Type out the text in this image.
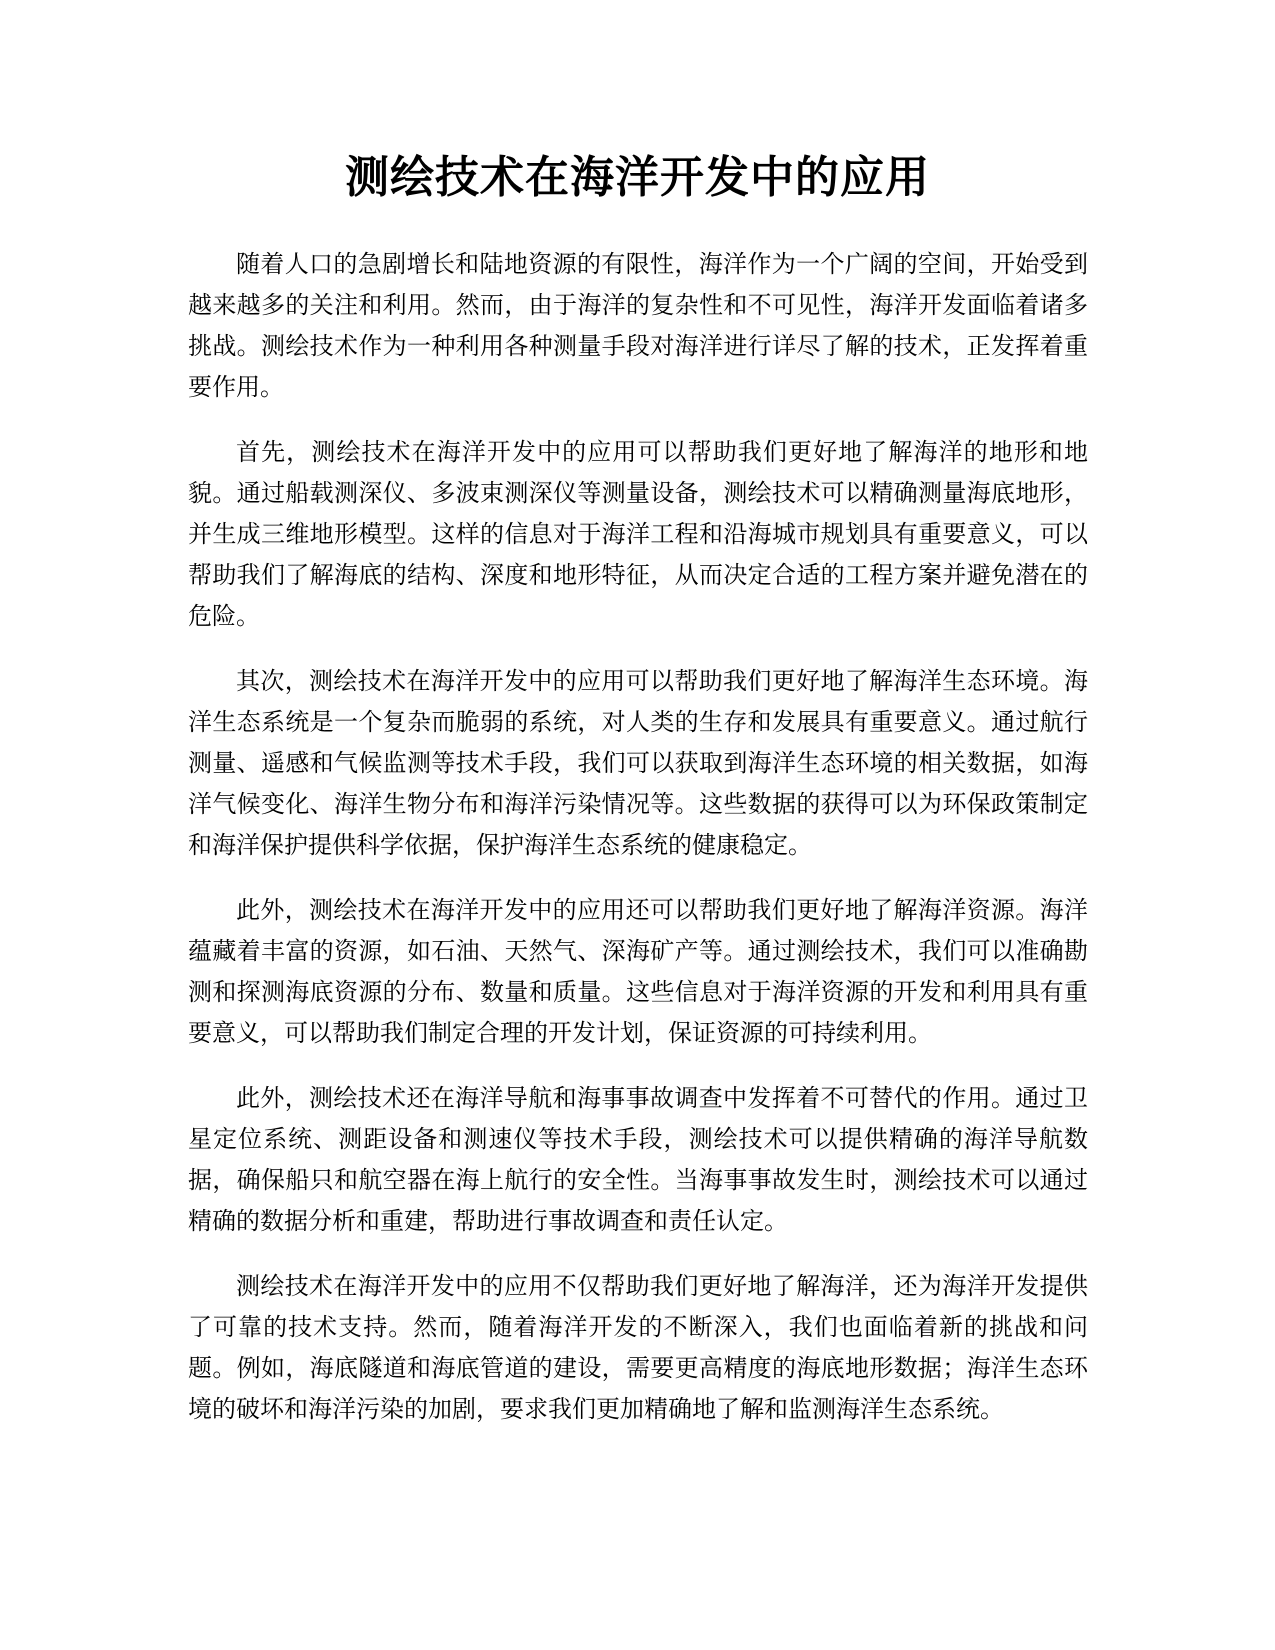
测绘技术在海洋开发中的应用

随着人口的急剧增长和陆地资源的有限性，海洋作为一个广阔的空间，开始受到越来越多的关注和利用。然而，由于海洋的复杂性和不可见性，海洋开发面临着诸多挑战。测绘技术作为一种利用各种测量手段对海洋进行详尽了解的技术，正发挥着重要作用。

首先，测绘技术在海洋开发中的应用可以帮助我们更好地了解海洋的地形和地貌。通过船载测深仪、多波束测深仪等测量设备，测绘技术可以精确测量海底地形，并生成三维地形模型。这样的信息对于海洋工程和沿海城市规划具有重要意义，可以帮助我们了解海底的结构、深度和地形特征，从而决定合适的工程方案并避免潜在的危险。

其次，测绘技术在海洋开发中的应用可以帮助我们更好地了解海洋生态环境。海洋生态系统是一个复杂而脆弱的系统，对人类的生存和发展具有重要意义。通过航行测量、遥感和气候监测等技术手段，我们可以获取到海洋生态环境的相关数据，如海洋气候变化、海洋生物分布和海洋污染情况等。这些数据的获得可以为环保政策制定和海洋保护提供科学依据，保护海洋生态系统的健康稳定。

此外，测绘技术在海洋开发中的应用还可以帮助我们更好地了解海洋资源。海洋蕴藏着丰富的资源，如石油、天然气、深海矿产等。通过测绘技术，我们可以准确勘测和探测海底资源的分布、数量和质量。这些信息对于海洋资源的开发和利用具有重要意义，可以帮助我们制定合理的开发计划，保证资源的可持续利用。

此外，测绘技术还在海洋导航和海事事故调查中发挥着不可替代的作用。通过卫星定位系统、测距设备和测速仪等技术手段，测绘技术可以提供精确的海洋导航数据，确保船只和航空器在海上航行的安全性。当海事事故发生时，测绘技术可以通过精确的数据分析和重建，帮助进行事故调查和责任认定。

测绘技术在海洋开发中的应用不仅帮助我们更好地了解海洋，还为海洋开发提供了可靠的技术支持。然而，随着海洋开发的不断深入，我们也面临着新的挑战和问题。例如，海底隧道和海底管道的建设，需要更高精度的海底地形数据；海洋生态环境的破坏和海洋污染的加剧，要求我们更加精确地了解和监测海洋生态系统。
